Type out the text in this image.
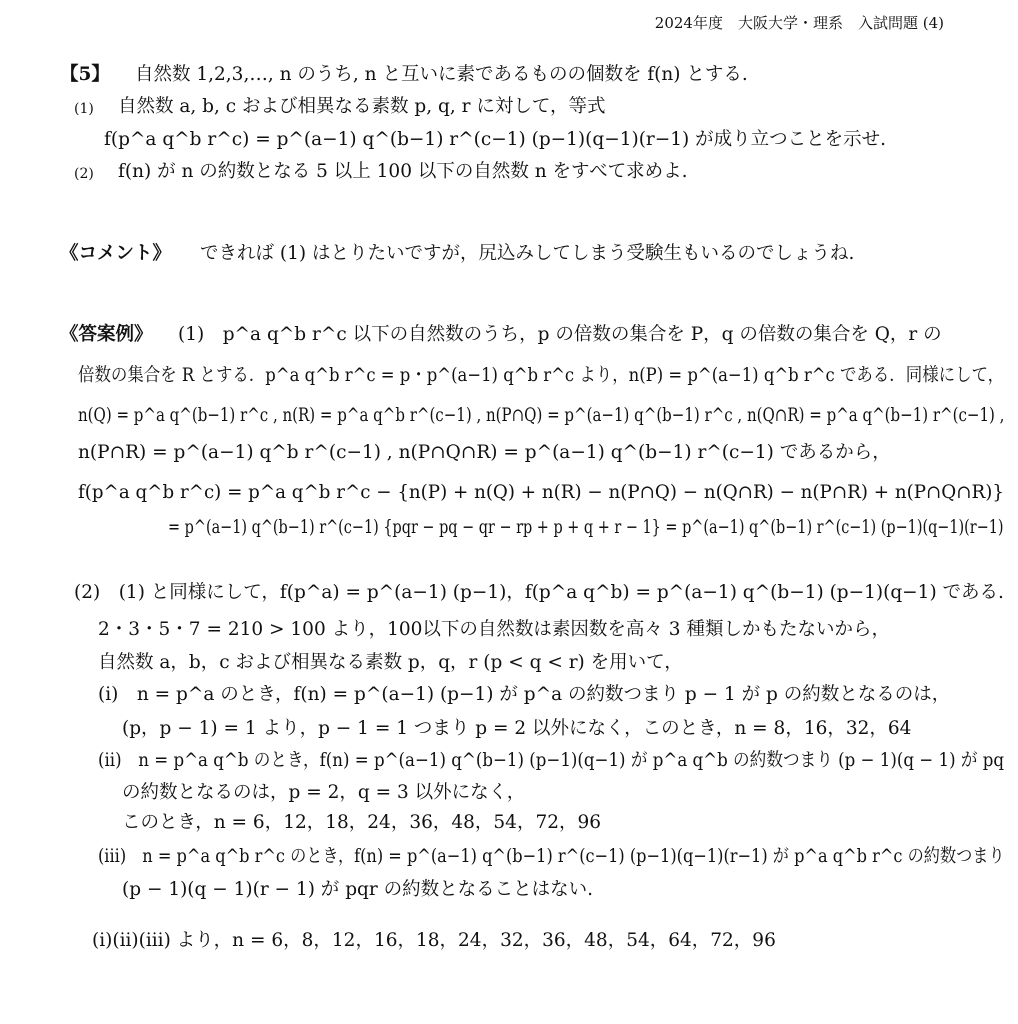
2024年度　大阪大学・理系　入試問題 (4)
【5】 自然数 1,2,3,…, n のうち, n と互いに素であるものの個数を f(n) とする.
(1) 自然数 a, b, c および相異なる素数 p, q, r に対して，等式
f(p^a q^b r^c) = p^(a−1) q^(b−1) r^(c−1) (p−1)(q−1)(r−1) が成り立つことを示せ.
(2) f(n) が n の約数となる 5 以上 100 以下の自然数 n をすべて求めよ.
《コメント》 できれば (1) はとりたいですが，尻込みしてしまう受験生もいるのでしょうね.
《答案例》 (1)　p^a q^b r^c 以下の自然数のうち，p の倍数の集合を P，q の倍数の集合を Q，r の
倍数の集合を R とする．p^a q^b r^c = p・p^(a−1) q^b r^c より，n(P) = p^(a−1) q^b r^c である．同様にして，
n(Q) = p^a q^(b−1) r^c , n(R) = p^a q^b r^(c−1) , n(P∩Q) = p^(a−1) q^(b−1) r^c , n(Q∩R) = p^a q^(b−1) r^(c−1) ,
n(P∩R) = p^(a−1) q^b r^(c−1) , n(P∩Q∩R) = p^(a−1) q^(b−1) r^(c−1) であるから，
f(p^a q^b r^c) = p^a q^b r^c − {n(P) + n(Q) + n(R) − n(P∩Q) − n(Q∩R) − n(P∩R) + n(P∩Q∩R)}
= p^(a−1) q^(b−1) r^(c−1) {pqr − pq − qr − rp + p + q + r − 1} = p^(a−1) q^(b−1) r^(c−1) (p−1)(q−1)(r−1)
(2)　(1) と同様にして，f(p^a) = p^(a−1) (p−1)，f(p^a q^b) = p^(a−1) q^(b−1) (p−1)(q−1) である.
2・3・5・7 = 210 > 100 より，100以下の自然数は素因数を高々 3 種類しかもたないから，
自然数 a，b，c および相異なる素数 p，q，r (p < q < r) を用いて，
(i)　n = p^a のとき，f(n) = p^(a−1) (p−1) が p^a の約数つまり p − 1 が p の約数となるのは，
(p，p − 1) = 1 より，p − 1 = 1 つまり p = 2 以外になく，このとき，n = 8，16，32，64
(ii)　n = p^a q^b のとき，f(n) = p^(a−1) q^(b−1) (p−1)(q−1) が p^a q^b の約数つまり (p − 1)(q − 1) が pq
の約数となるのは，p = 2，q = 3 以外になく，
このとき，n = 6，12，18，24，36，48，54，72，96
(iii)　n = p^a q^b r^c のとき，f(n) = p^(a−1) q^(b−1) r^(c−1) (p−1)(q−1)(r−1) が p^a q^b r^c の約数つまり
(p − 1)(q − 1)(r − 1) が pqr の約数となることはない.
(i)(ii)(iii) より，n = 6，8，12，16，18，24，32，36，48，54，64，72，96
